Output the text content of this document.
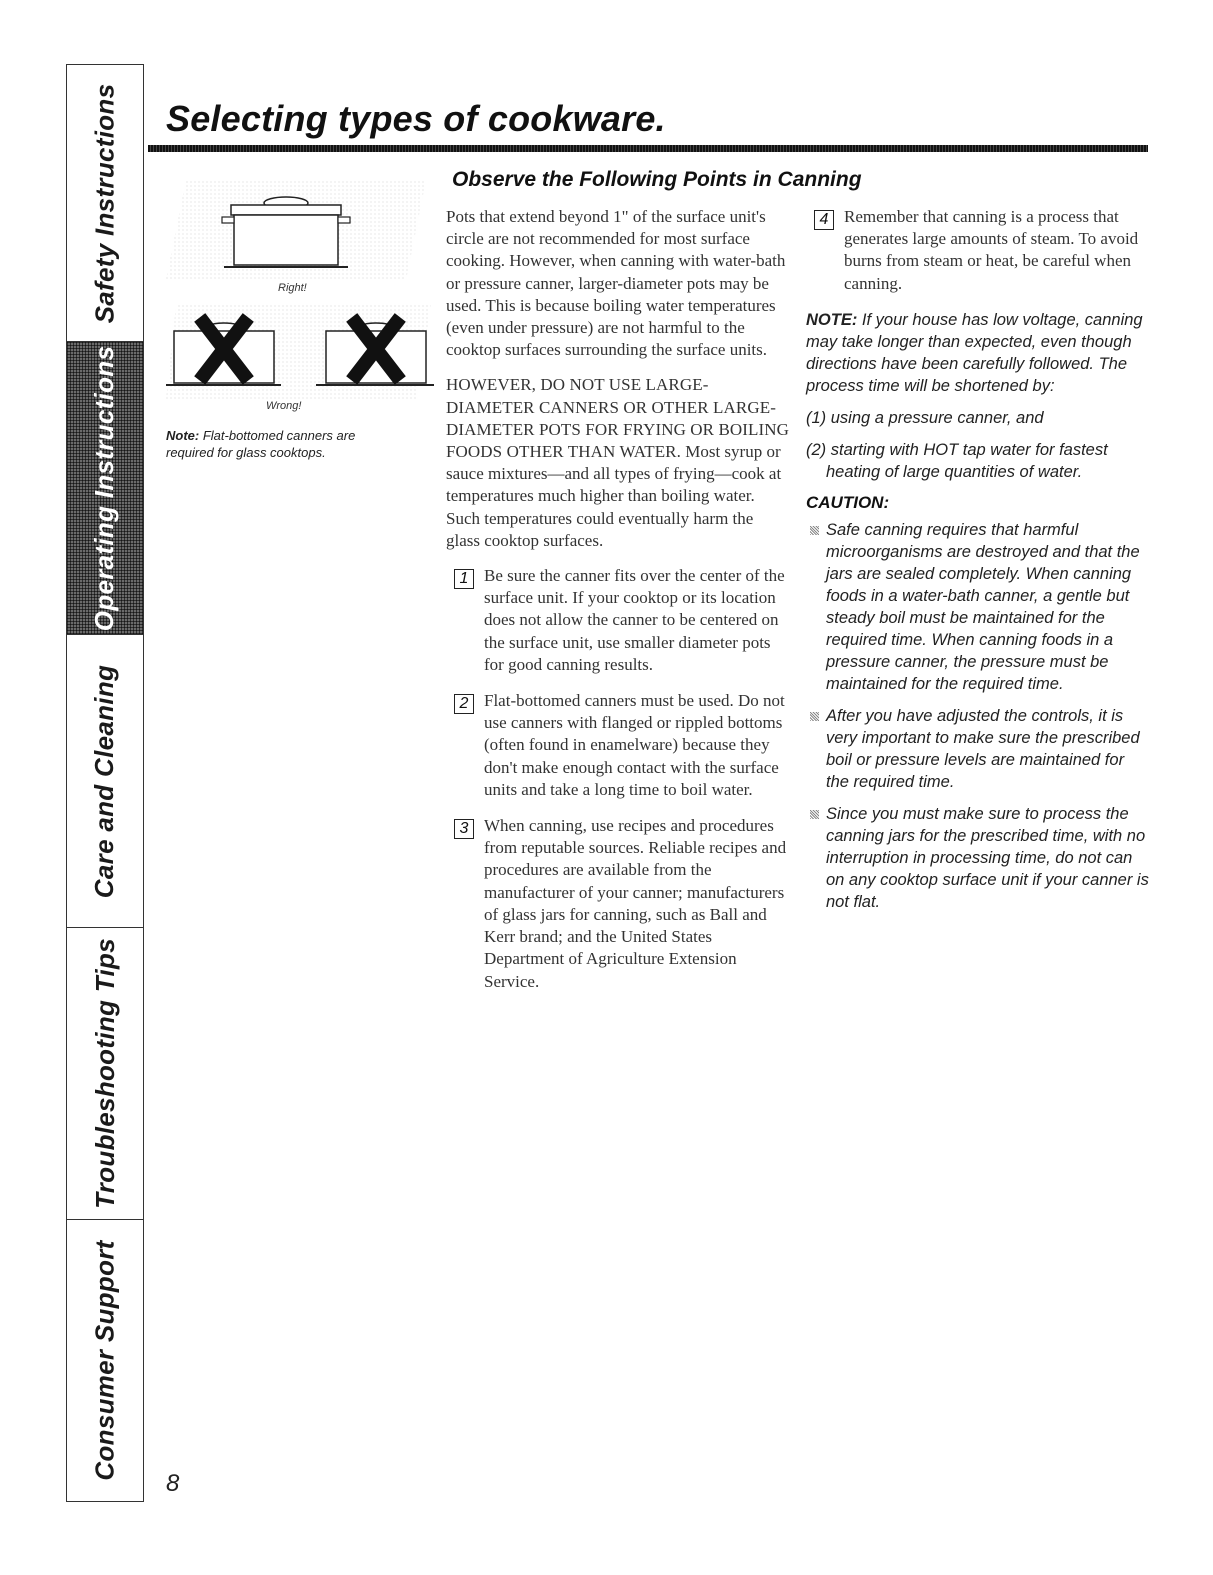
Safety Instructions
Operating Instructions
Care and Cleaning
Troubleshooting Tips
Consumer Support
Selecting types of cookware.
Right!
Wrong!
Note: Flat-bottomed canners are required for glass cooktops.
Observe the Following Points in Canning

Pots that extend beyond 1" of the surface unit's circle are not recommended for most surface cooking. However, when canning with water-bath or pressure canner, larger-diameter pots may be used. This is because boiling water temperatures (even under pressure) are not harmful to the cooktop surfaces surrounding the surface units.

HOWEVER, DO NOT USE LARGE-DIAMETER CANNERS OR OTHER LARGE-DIAMETER POTS FOR FRYING OR BOILING FOODS OTHER THAN WATER. Most syrup or sauce mixtures—and all types of frying—cook at temperatures much higher than boiling water. Such temperatures could eventually harm the glass cooktop surfaces.

1 Be sure the canner fits over the center of the surface unit. If your cooktop or its location does not allow the canner to be centered on the surface unit, use smaller diameter pots for good canning results.
2 Flat-bottomed canners must be used. Do not use canners with flanged or rippled bottoms (often found in enamelware) because they don't make enough contact with the surface units and take a long time to boil water.
3 When canning, use recipes and procedures from reputable sources. Reliable recipes and procedures are available from the manufacturer of your canner; manufacturers of glass jars for canning, such as Ball and Kerr brand; and the United States Department of Agriculture Extension Service.
4 Remember that canning is a process that generates large amounts of steam. To avoid burns from steam or heat, be careful when canning.

NOTE: If your house has low voltage, canning may take longer than expected, even though directions have been carefully followed. The process time will be shortened by:

(1) using a pressure canner, and

(2) starting with HOT tap water for fastest heating of large quantities of water.

CAUTION:
Safe canning requires that harmful microorganisms are destroyed and that the jars are sealed completely. When canning foods in a water-bath canner, a gentle but steady boil must be maintained for the required time. When canning foods in a pressure canner, the pressure must be maintained for the required time.
After you have adjusted the controls, it is very important to make sure the prescribed boil or pressure levels are maintained for the required time.
Since you must make sure to process the canning jars for the prescribed time, with no interruption in processing time, do not can on any cooktop surface unit if your canner is not flat.
8
